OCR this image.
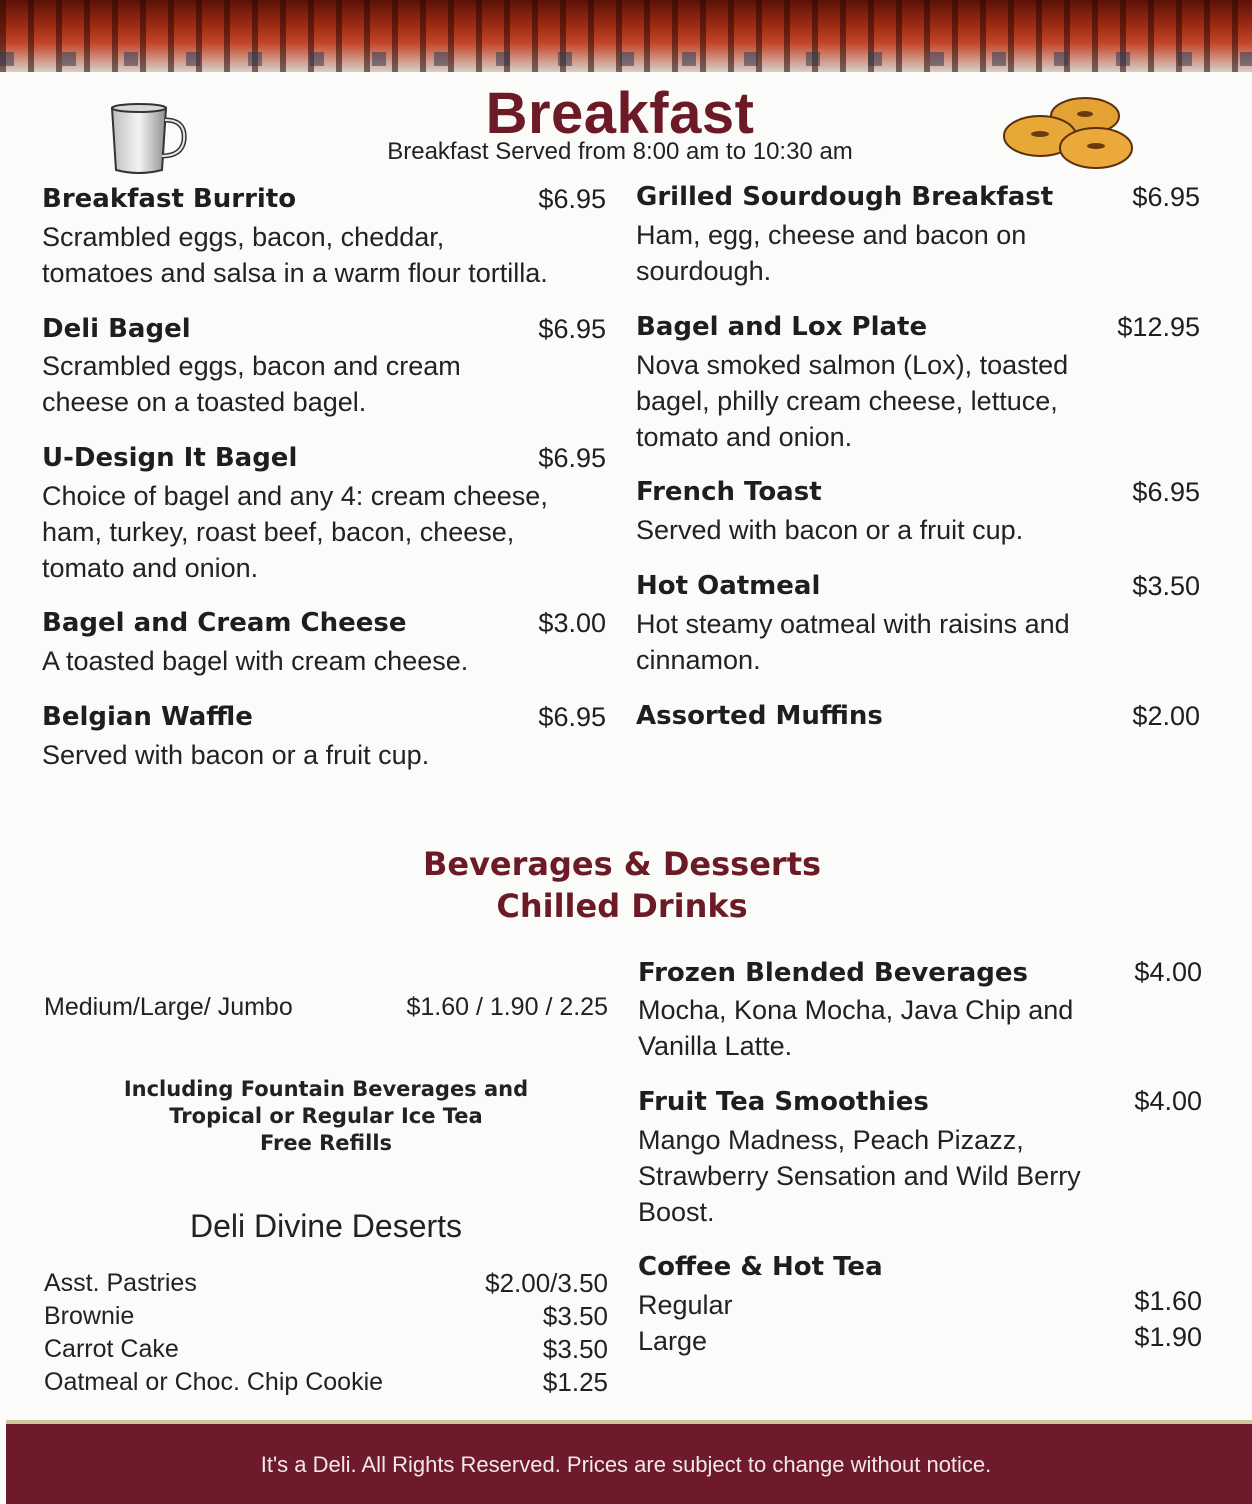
Breakfast
Breakfast Served from 8:00 am to 10:30 am
Breakfast Burrito	$6.95
Scrambled eggs, bacon, cheddar,
tomatoes and salsa in a warm flour tortilla.
Deli Bagel	$6.95
Scrambled eggs, bacon and cream
cheese on a toasted bagel.
U-Design It Bagel	$6.95
Choice of bagel and any 4: cream cheese,
ham, turkey, roast beef, bacon, cheese,
tomato and onion.
Bagel and Cream Cheese	$3.00
A toasted bagel with cream cheese.
Belgian Waffle	$6.95
Served with bacon or a fruit cup.
Grilled Sourdough Breakfast	$6.95
Ham, egg, cheese and bacon on
sourdough.
Bagel and Lox Plate	$12.95
Nova smoked salmon (Lox), toasted
bagel, philly cream cheese, lettuce,
tomato and onion.
French Toast	$6.95
Served with bacon or a fruit cup.
Hot Oatmeal	$3.50
Hot steamy oatmeal with raisins and
cinnamon.
Assorted Muffins	$2.00
Beverages & Desserts
Chilled Drinks
Medium/Large/ Jumbo	$1.60 / 1.90 / 2.25
Including Fountain Beverages and
Tropical or Regular Ice Tea
Free Refills
Deli Divine Deserts
Asst. Pastries	$2.00/3.50
Brownie	$3.50
Carrot Cake	$3.50
Oatmeal or Choc. Chip Cookie	$1.25
Frozen Blended Beverages	$4.00
Mocha, Kona Mocha, Java Chip and
Vanilla Latte.
Fruit Tea Smoothies	$4.00
Mango Madness, Peach Pizazz,
Strawberry Sensation and Wild Berry
Boost.
Coffee & Hot Tea
Regular	$1.60
Large	$1.90
It's a Deli. All Rights Reserved. Prices are subject to change without notice.
